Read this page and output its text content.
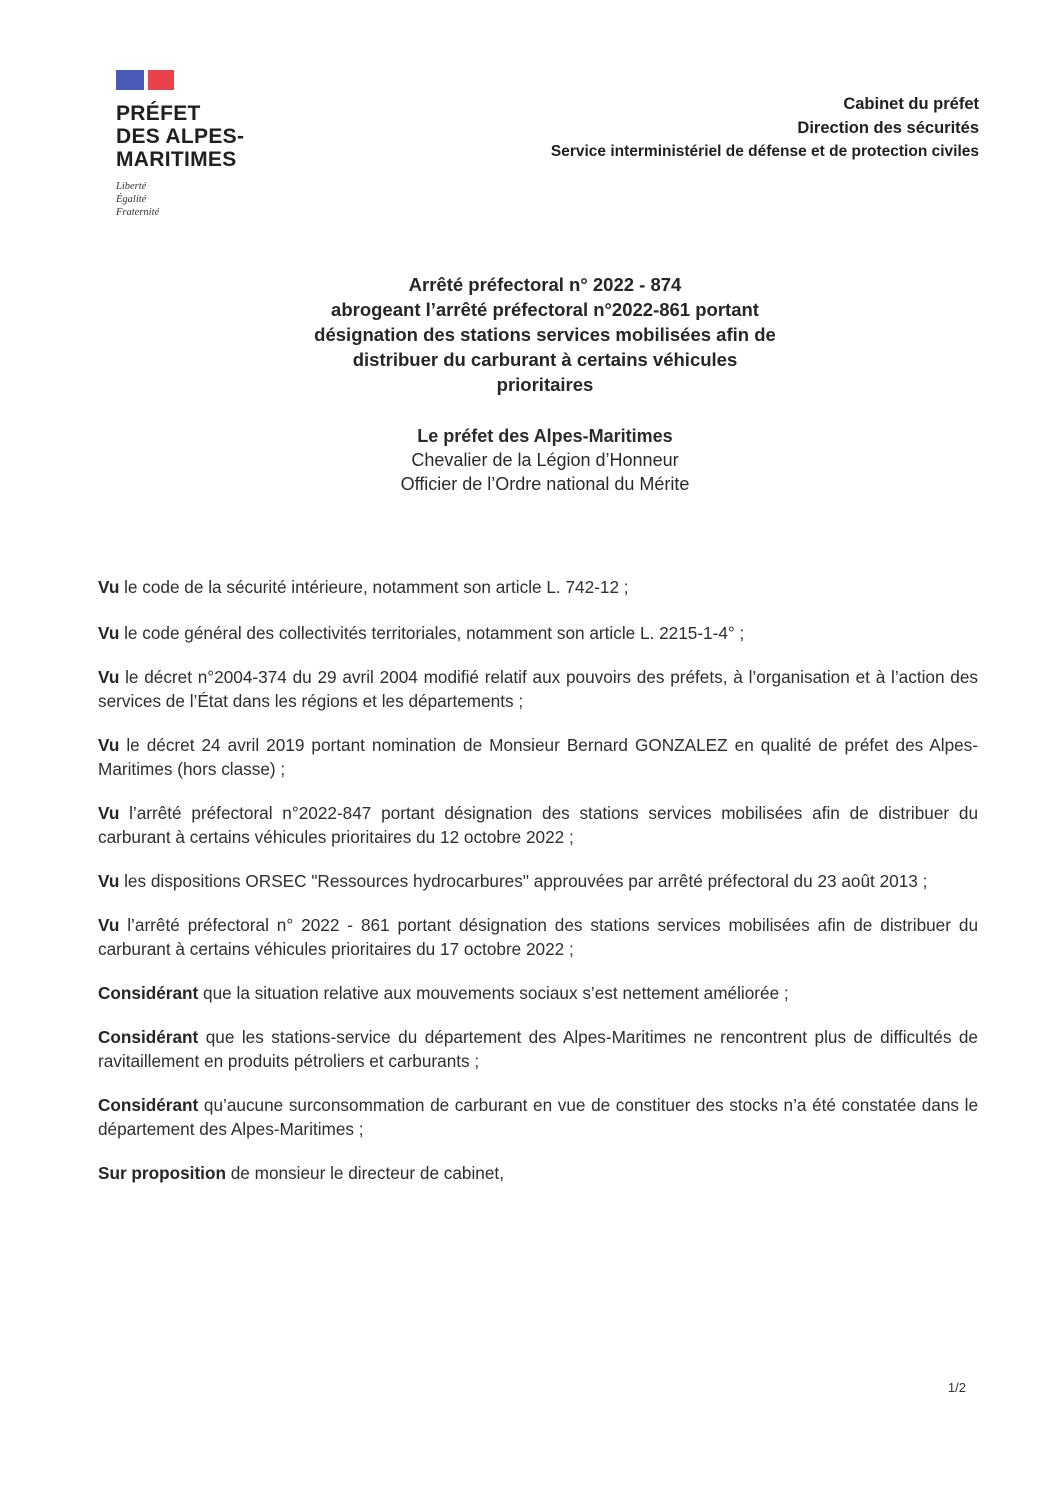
PRÉFET
DES ALPES-
MARITIMES
Liberté
Égalité
Fraternité
Cabinet du préfet
Direction des sécurités
Service interministériel de défense et de protection civiles
Arrêté préfectoral n° 2022 - 874
abrogeant l’arrêté préfectoral n°2022-861 portant
désignation des stations services mobilisées afin de
distribuer du carburant à certains véhicules
prioritaires
Le préfet des Alpes-Maritimes
Chevalier de la Légion d’Honneur
Officier de l’Ordre national du Mérite

Vu le code de la sécurité intérieure, notamment son article L. 742-12 ;

Vu le code général des collectivités territoriales, notamment son article L. 2215-1-4° ;

Vu le décret n°2004-374 du 29 avril 2004 modifié relatif aux pouvoirs des préfets, à l’organisation et à l’action des services de l’État dans les régions et les départements ;

Vu le décret 24 avril 2019 portant nomination de Monsieur Bernard GONZALEZ en qualité de préfet des Alpes-Maritimes (hors classe) ;

Vu l’arrêté préfectoral n°2022-847 portant désignation des stations services mobilisées afin de distribuer du carburant à certains véhicules prioritaires du 12 octobre 2022 ;

Vu les dispositions ORSEC "Ressources hydrocarbures" approuvées par arrêté préfectoral du 23 août 2013 ;

Vu l’arrêté préfectoral n° 2022 - 861 portant désignation des stations services mobilisées afin de distribuer du carburant à certains véhicules prioritaires du 17 octobre 2022 ;

Considérant que la situation relative aux mouvements sociaux s’est nettement améliorée ;

Considérant que les stations-service du département des Alpes-Maritimes ne rencontrent plus de difficultés de ravitaillement en produits pétroliers et carburants ;

Considérant qu’aucune surconsommation de carburant en vue de constituer des stocks n’a été constatée dans le département des Alpes-Maritimes ;

Sur proposition de monsieur le directeur de cabinet,

1/2
